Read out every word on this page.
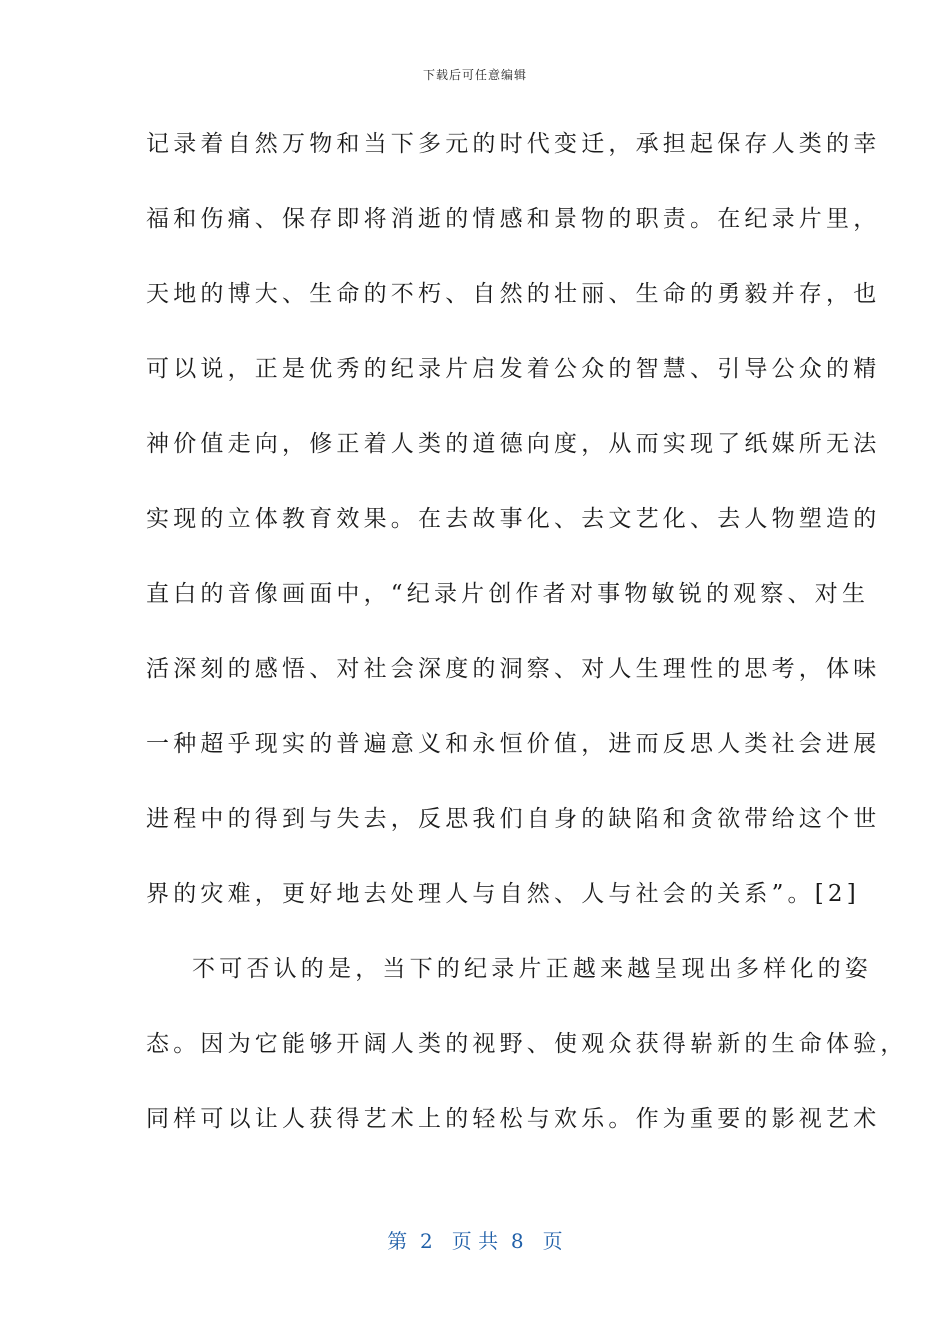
下载后可任意编辑
记录着自然万物和当下多元的时代变迁，承担起保存人类的幸
福和伤痛、保存即将消逝的情感和景物的职责。在纪录片里，
天地的博大、生命的不朽、自然的壮丽、生命的勇毅并存，也
可以说，正是优秀的纪录片启发着公众的智慧、引导公众的精
神价值走向，修正着人类的道德向度，从而实现了纸媒所无法
实现的立体教育效果。在去故事化、去文艺化、去人物塑造的
直白的音像画面中，“纪录片创作者对事物敏锐的观察、对生
活深刻的感悟、对社会深度的洞察、对人生理性的思考，体味
一种超乎现实的普遍意义和永恒价值，进而反思人类社会进展
进程中的得到与失去，反思我们自身的缺陷和贪欲带给这个世
界的灾难，更好地去处理人与自然、人与社会的关系”。[2]
不可否认的是，当下的纪录片正越来越呈现出多样化的姿
态。因为它能够开阔人类的视野、使观众获得崭新的生命体验，
同样可以让人获得艺术上的轻松与欢乐。作为重要的影视艺术
第  2   页 共  8   页
